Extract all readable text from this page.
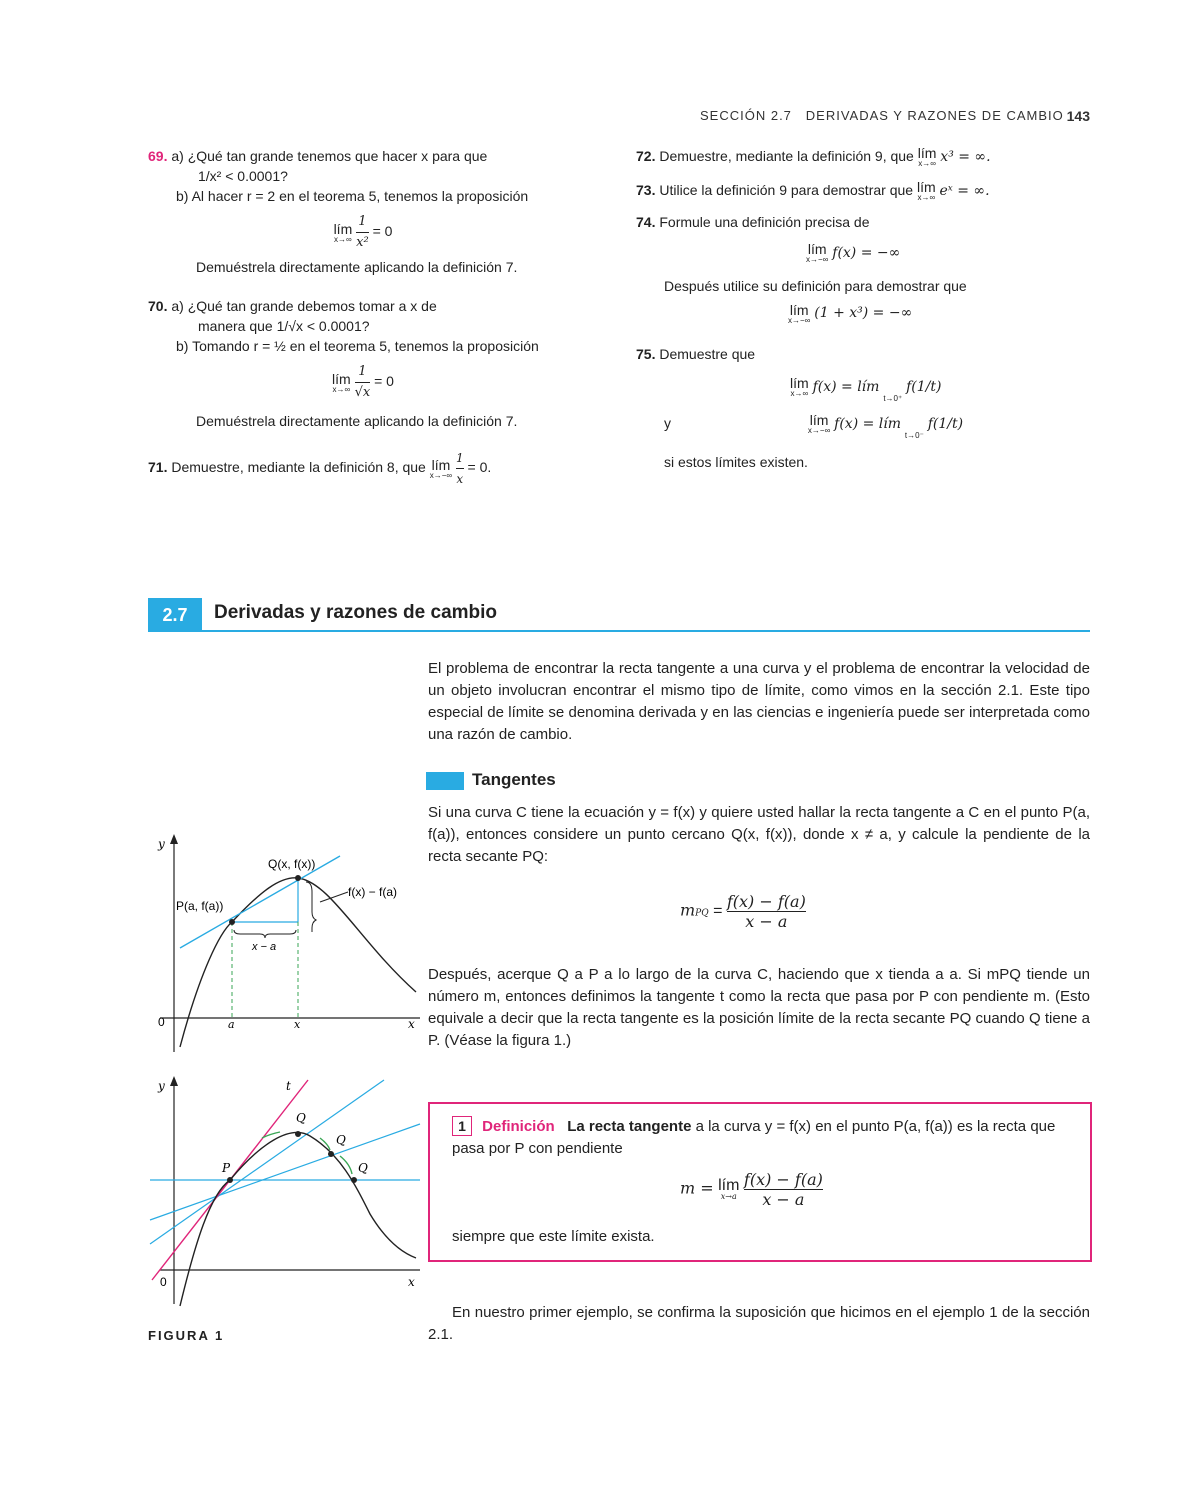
SECCIÓN 2.7 DERIVADAS Y RAZONES DE CAMBIO 143
69. a) ¿Qué tan grande tenemos que hacer x para que
1/x² < 0.0001?
b) Al hacer r = 2 en el teorema 5, tenemos la proposición
lím
x→∞
$\frac{1}{\text{x²}} = 0$
Demuéstrela directamente aplicando la definición 7.
70. a) ¿Qué tan grande debemos tomar a x de
manera que 1/√x < 0.0001?
b) Tomando r = ½ en el teorema 5, tenemos la proposición
lím
x→∞
$\frac{1}{√x} = 0$
Demuéstrela directamente aplicando la definición 7.
71. Demuestre, mediante la definición 8, que lím
x→−∞
$\frac{1}{x} = 0$.
72. Demuestre, mediante la definición 9, que lím
x→∞ x³ = ∞.
73. Utilice la definición 9 para demostrar que lím
x→∞ eˣ = ∞.
74. Formule una definición precisa de
lím
x→−∞ f(x) = −∞
Después utilice su definición para demostrar que
lím
x→−∞ (1 + x³) = −∞
75. Demuestre que
lím
x→∞ f(x) = lím t→0⁺ f(1/t)
y	lím
x→−∞ f(x) = lím t→0⁻ f(1/t)
si estos límites existen.
2.7	Derivadas y razones de cambio
El problema de encontrar la recta tangente a una curva y el problema de encontrar la velocidad de un objeto involucran encontrar el mismo tipo de límite, como vimos en la sección 2.1. Este tipo especial de límite se denomina derivada y en las ciencias e ingeniería puede ser interpretada como una razón de cambio.
Tangentes
Si una curva C tiene la ecuación y = f(x) y quiere usted hallar la recta tangente a C en el punto P(a, f(a)), entonces considere un punto cercano Q(x, f(x)), donde x ≠ a, y calcule la pendiente de la recta secante PQ:
mPQ = $\frac{f(x) - f(a)}{x - a}$
Después, acerque Q a P a lo largo de la curva C, haciendo que x tienda a a. Si mPQ tiende un número m, entonces definimos la tangente t como la recta que pasa por P con pendiente m. (Esto equivale a decir que la recta tangente es la posición límite de la recta secante PQ cuando Q tiene a P. (Véase la figura 1.)
1 Definición La recta tangente a la curva y = f(x) en el punto P(a, f(a)) es la recta que pasa por P con pendiente
m = lím
x→a
$\frac{f(x) - f(a)}{x - a}$
siempre que este límite exista.
En nuestro primer ejemplo, se confirma la suposición que hicimos en el ejemplo 1 de la sección 2.1.
y
x
0	a	x
Q(x, f(x))
P(a, f(a))
f(x) − f(a)
x − a
y
x
0
t
P
Q
Q
Q
FIGURA 1
